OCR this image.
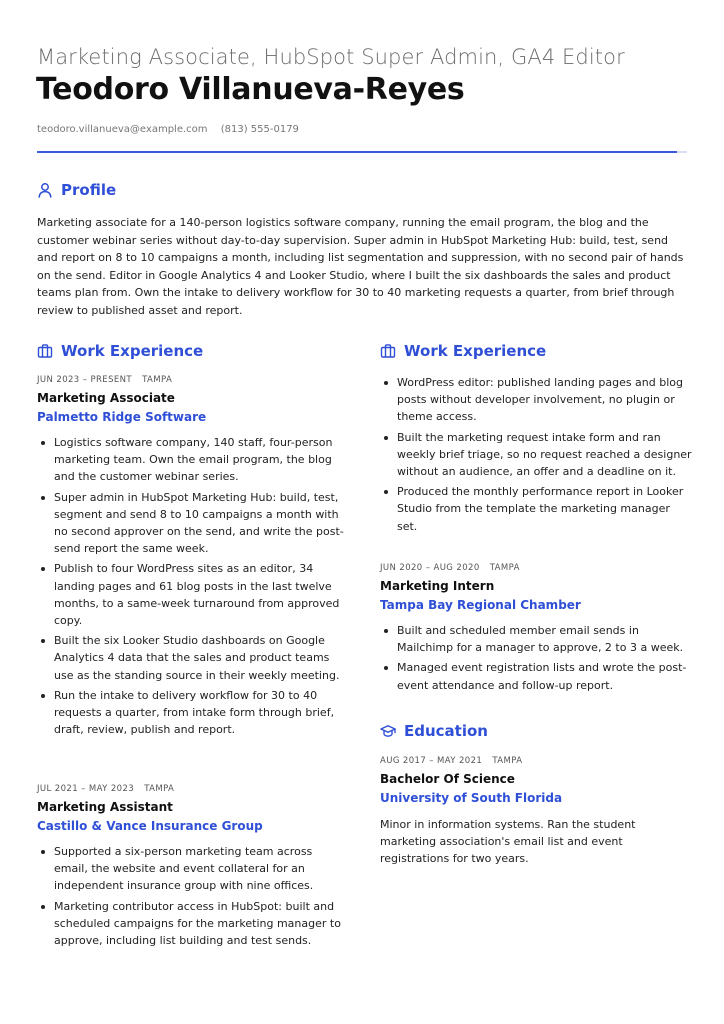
Marketing Associate, HubSpot Super Admin, GA4 Editor
Teodoro Villanueva-Reyes
teodoro.villanueva@example.com (813) 555-0179
Profile
Marketing associate for a 140-person logistics software company, running the email program, the blog and the customer webinar series without day-to-day supervision. Super admin in HubSpot Marketing Hub: build, test, send and report on 8 to 10 campaigns a month, including list segmentation and suppression, with no second pair of hands on the send. Editor in Google Analytics 4 and Looker Studio, where I built the six dashboards the sales and product teams plan from. Own the intake to delivery workflow for 30 to 40 marketing requests a quarter, from brief through review to published asset and report.
Work Experience
JUN 2023 – PRESENT TAMPA
Marketing Associate
Palmetto Ridge Software
Logistics software company, 140 staff, four-person marketing team. Own the email program, the blog and the customer webinar series.
Super admin in HubSpot Marketing Hub: build, test, segment and send 8 to 10 campaigns a month with no second approver on the send, and write the post-send report the same week.
Publish to four WordPress sites as an editor, 34 landing pages and 61 blog posts in the last twelve months, to a same-week turnaround from approved copy.
Built the six Looker Studio dashboards on Google Analytics 4 data that the sales and product teams use as the standing source in their weekly meeting.
Run the intake to delivery workflow for 30 to 40 requests a quarter, from intake form through brief, draft, review, publish and report.
JUL 2021 – MAY 2023 TAMPA
Marketing Assistant
Castillo & Vance Insurance Group
Supported a six-person marketing team across email, the website and event collateral for an independent insurance group with nine offices.
Marketing contributor access in HubSpot: built and scheduled campaigns for the marketing manager to approve, including list building and test sends.
Work Experience
WordPress editor: published landing pages and blog posts without developer involvement, no plugin or theme access.
Built the marketing request intake form and ran weekly brief triage, so no request reached a designer without an audience, an offer and a deadline on it.
Produced the monthly performance report in Looker Studio from the template the marketing manager set.
JUN 2020 – AUG 2020 TAMPA
Marketing Intern
Tampa Bay Regional Chamber
Built and scheduled member email sends in Mailchimp for a manager to approve, 2 to 3 a week.
Managed event registration lists and wrote the post-event attendance and follow-up report.
Education
AUG 2017 – MAY 2021 TAMPA
Bachelor Of Science
University of South Florida
Minor in information systems. Ran the student marketing association's email list and event registrations for two years.
